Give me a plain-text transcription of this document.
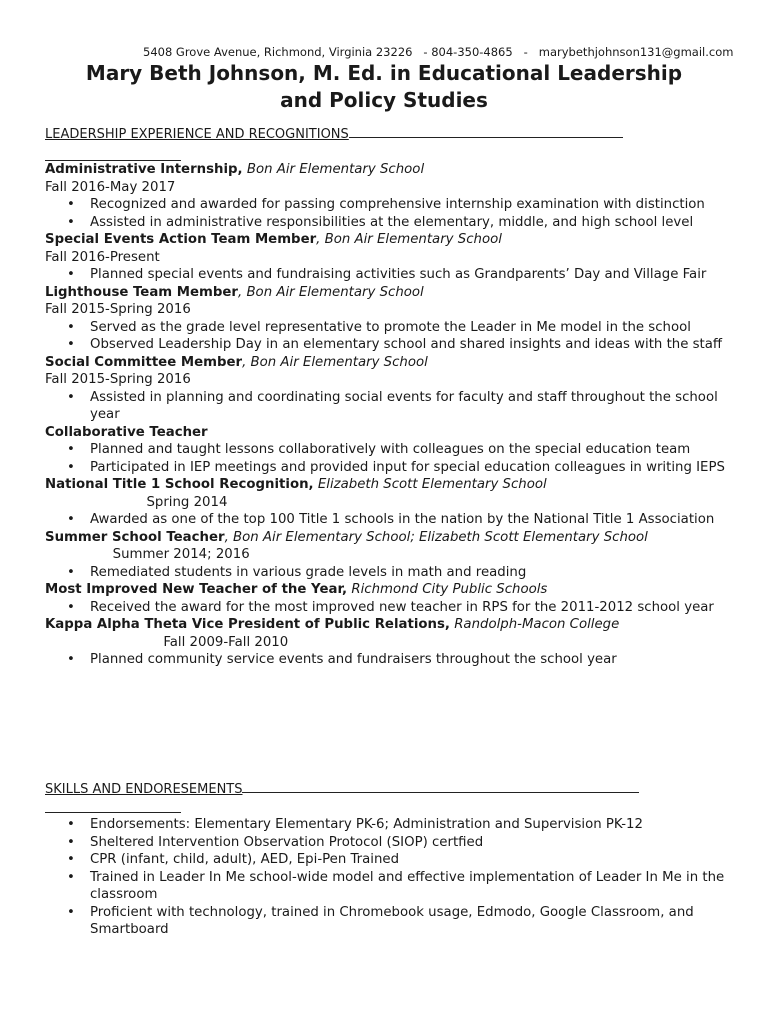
5408 Grove Avenue, Richmond, Virginia 23226   - 804-350-4865   -   marybethjohnson131@gmail.com
Mary Beth Johnson, M. Ed. in Educational Leadership
and Policy Studies
LEADERSHIP EXPERIENCE AND RECOGNITIONS
Administrative Internship, Bon Air Elementary School
Fall 2016-May 2017
• Recognized and awarded for passing comprehensive internship examination with distinction
• Assisted in administrative responsibilities at the elementary, middle, and high school level
Special Events Action Team Member, Bon Air Elementary School
Fall 2016-Present
• Planned special events and fundraising activities such as Grandparents’ Day and Village Fair
Lighthouse Team Member, Bon Air Elementary School
Fall 2015-Spring 2016
• Served as the grade level representative to promote the Leader in Me model in the school
• Observed Leadership Day in an elementary school and shared insights and ideas with the staff
Social Committee Member, Bon Air Elementary School
Fall 2015-Spring 2016
• Assisted in planning and coordinating social events for faculty and staff throughout the school year
Collaborative Teacher
• Planned and taught lessons collaboratively with colleagues on the special education team
• Participated in IEP meetings and provided input for special education colleagues in writing IEPS
National Title 1 School Recognition, Elizabeth Scott Elementary School
Spring 2014
• Awarded as one of the top 100 Title 1 schools in the nation by the National Title 1 Association
Summer School Teacher, Bon Air Elementary School; Elizabeth Scott Elementary School
Summer 2014; 2016
• Remediated students in various grade levels in math and reading
Most Improved New Teacher of the Year, Richmond City Public Schools
• Received the award for the most improved new teacher in RPS for the 2011-2012 school year
Kappa Alpha Theta Vice President of Public Relations, Randolph-Macon College
Fall 2009-Fall 2010
• Planned community service events and fundraisers throughout the school year
SKILLS AND ENDORESEMENTS
• Endorsements: Elementary Elementary PK-6; Administration and Supervision PK-12
• Sheltered Intervention Observation Protocol (SIOP) certfied
• CPR (infant, child, adult), AED, Epi-Pen Trained
• Trained in Leader In Me school-wide model and effective implementation of Leader In Me in the classroom
• Proficient with technology, trained in Chromebook usage, Edmodo, Google Classroom, and Smartboard
